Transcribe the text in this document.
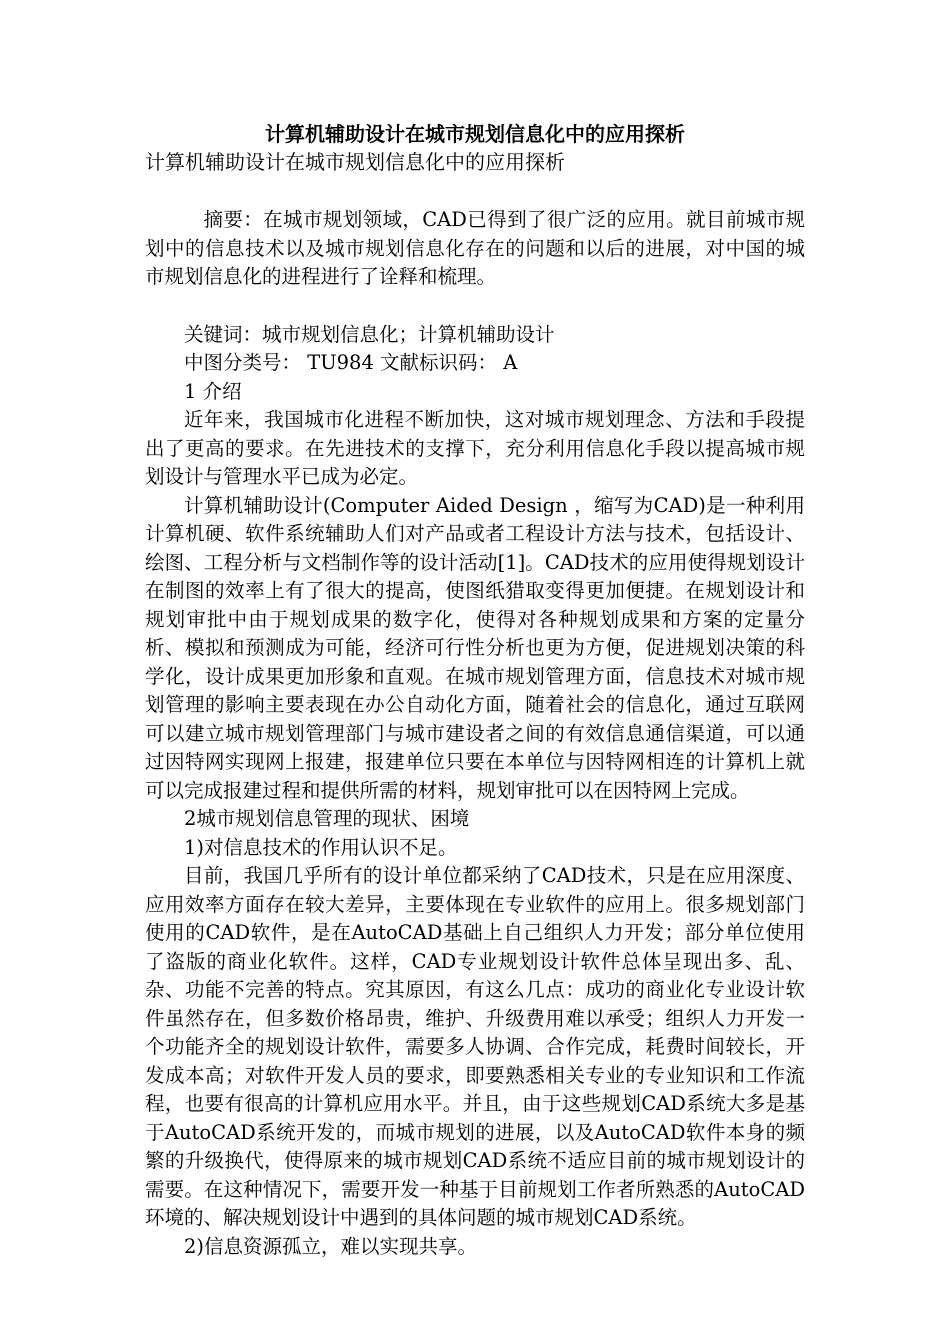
计算机辅助设计在城市规划信息化中的应用探析

计算机辅助设计在城市规划信息化中的应用探析

摘要：在城市规划领域，CAD已得到了很广泛的应用。就目前城市规划中的信息技术以及城市规划信息化存在的问题和以后的进展，对中国的城市规划信息化的进程进行了诠释和梳理。

关键词：城市规划信息化；计算机辅助设计

中图分类号： TU984 文献标识码： A

1 介绍

近年来，我国城市化进程不断加快，这对城市规划理念、方法和手段提出了更高的要求。在先进技术的支撑下，充分利用信息化手段以提高城市规划设计与管理水平已成为必定。

计算机辅助设计(Computer Aided Design ，缩写为CAD)是一种利用计算机硬、软件系统辅助人们对产品或者工程设计方法与技术，包括设计、绘图、工程分析与文档制作等的设计活动[1]。CAD技术的应用使得规划设计在制图的效率上有了很大的提高，使图纸猎取变得更加便捷。在规划设计和规划审批中由于规划成果的数字化，使得对各种规划成果和方案的定量分析、模拟和预测成为可能，经济可行性分析也更为方便，促进规划决策的科学化，设计成果更加形象和直观。在城市规划管理方面，信息技术对城市规划管理的影响主要表现在办公自动化方面，随着社会的信息化，通过互联网可以建立城市规划管理部门与城市建设者之间的有效信息通信渠道，可以通过因特网实现网上报建，报建单位只要在本单位与因特网相连的计算机上就可以完成报建过程和提供所需的材料，规划审批可以在因特网上完成。

2城市规划信息管理的现状、困境

1)对信息技术的作用认识不足。

目前，我国几乎所有的设计单位都采纳了CAD技术，只是在应用深度、应用效率方面存在较大差异，主要体现在专业软件的应用上。很多规划部门使用的CAD软件，是在AutoCAD基础上自己组织人力开发；部分单位使用了盗版的商业化软件。这样，CAD专业规划设计软件总体呈现出多、乱、杂、功能不完善的特点。究其原因，有这么几点：成功的商业化专业设计软件虽然存在，但多数价格昂贵，维护、升级费用难以承受；组织人力开发一个功能齐全的规划设计软件，需要多人协调、合作完成，耗费时间较长，开发成本高；对软件开发人员的要求，即要熟悉相关专业的专业知识和工作流程，也要有很高的计算机应用水平。并且，由于这些规划CAD系统大多是基于AutoCAD系统开发的，而城市规划的进展，以及AutoCAD软件本身的频繁的升级换代，使得原来的城市规划CAD系统不适应目前的城市规划设计的需要。在这种情况下，需要开发一种基于目前规划工作者所熟悉的AutoCAD环境的、解决规划设计中遇到的具体问题的城市规划CAD系统。

2)信息资源孤立，难以实现共享。
